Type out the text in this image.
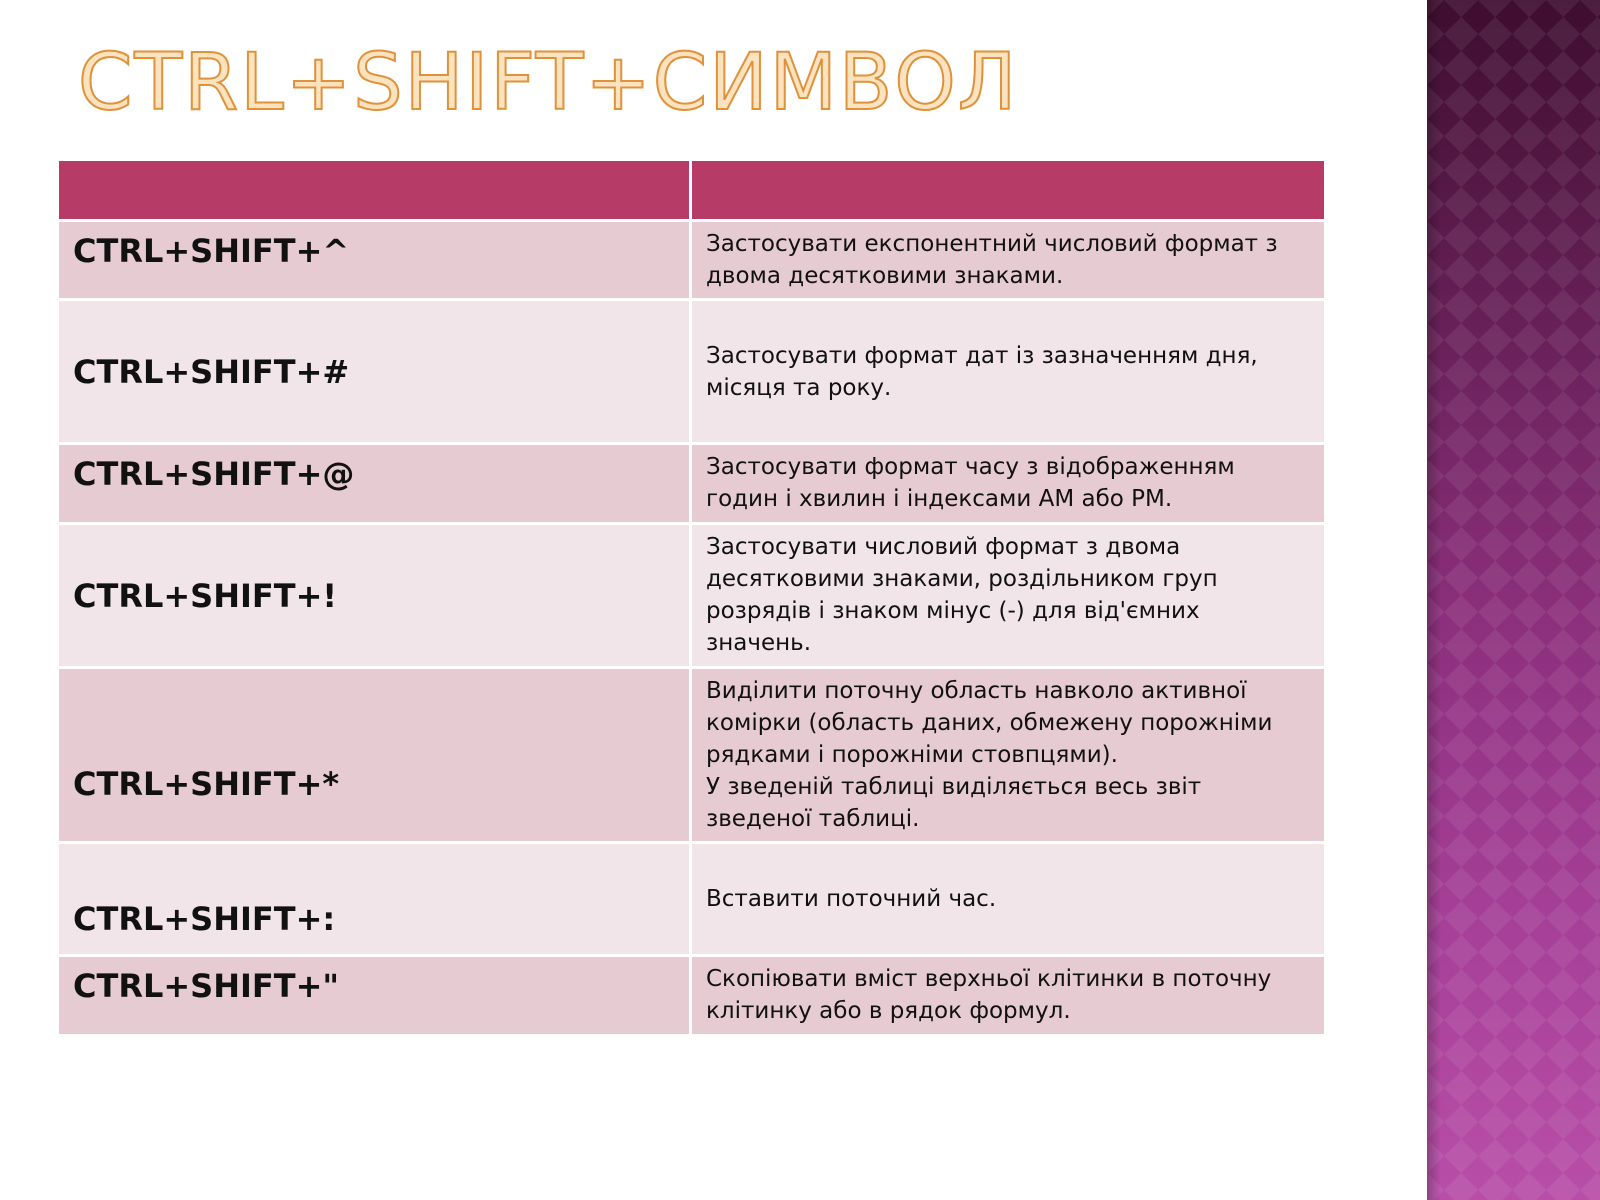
CTRL+SHIFT+СИМВОЛ

CTRL+SHIFT+^	Застосувати експонентний числовий формат з двома десятковими знаками.
CTRL+SHIFT+#	Застосувати формат дат із зазначенням дня, місяця та року.
CTRL+SHIFT+@	Застосувати формат часу з відображенням годин і хвилин і індексами AM або PM.
CTRL+SHIFT+!	Застосувати числовий формат з двома десятковими знаками, роздільником груп розрядів і знаком мінус (-) для від'ємних значень.
CTRL+SHIFT+*	Виділити поточну область навколо активної комірки (область даних, обмежену порожніми рядками і порожніми стовпцями).
У зведеній таблиці виділяється весь звіт зведеної таблиці.

CTRL+SHIFT+:	Вставити поточний час.
CTRL+SHIFT+"	Скопіювати вміст верхньої клітинки в поточну клітинку або в рядок формул.
